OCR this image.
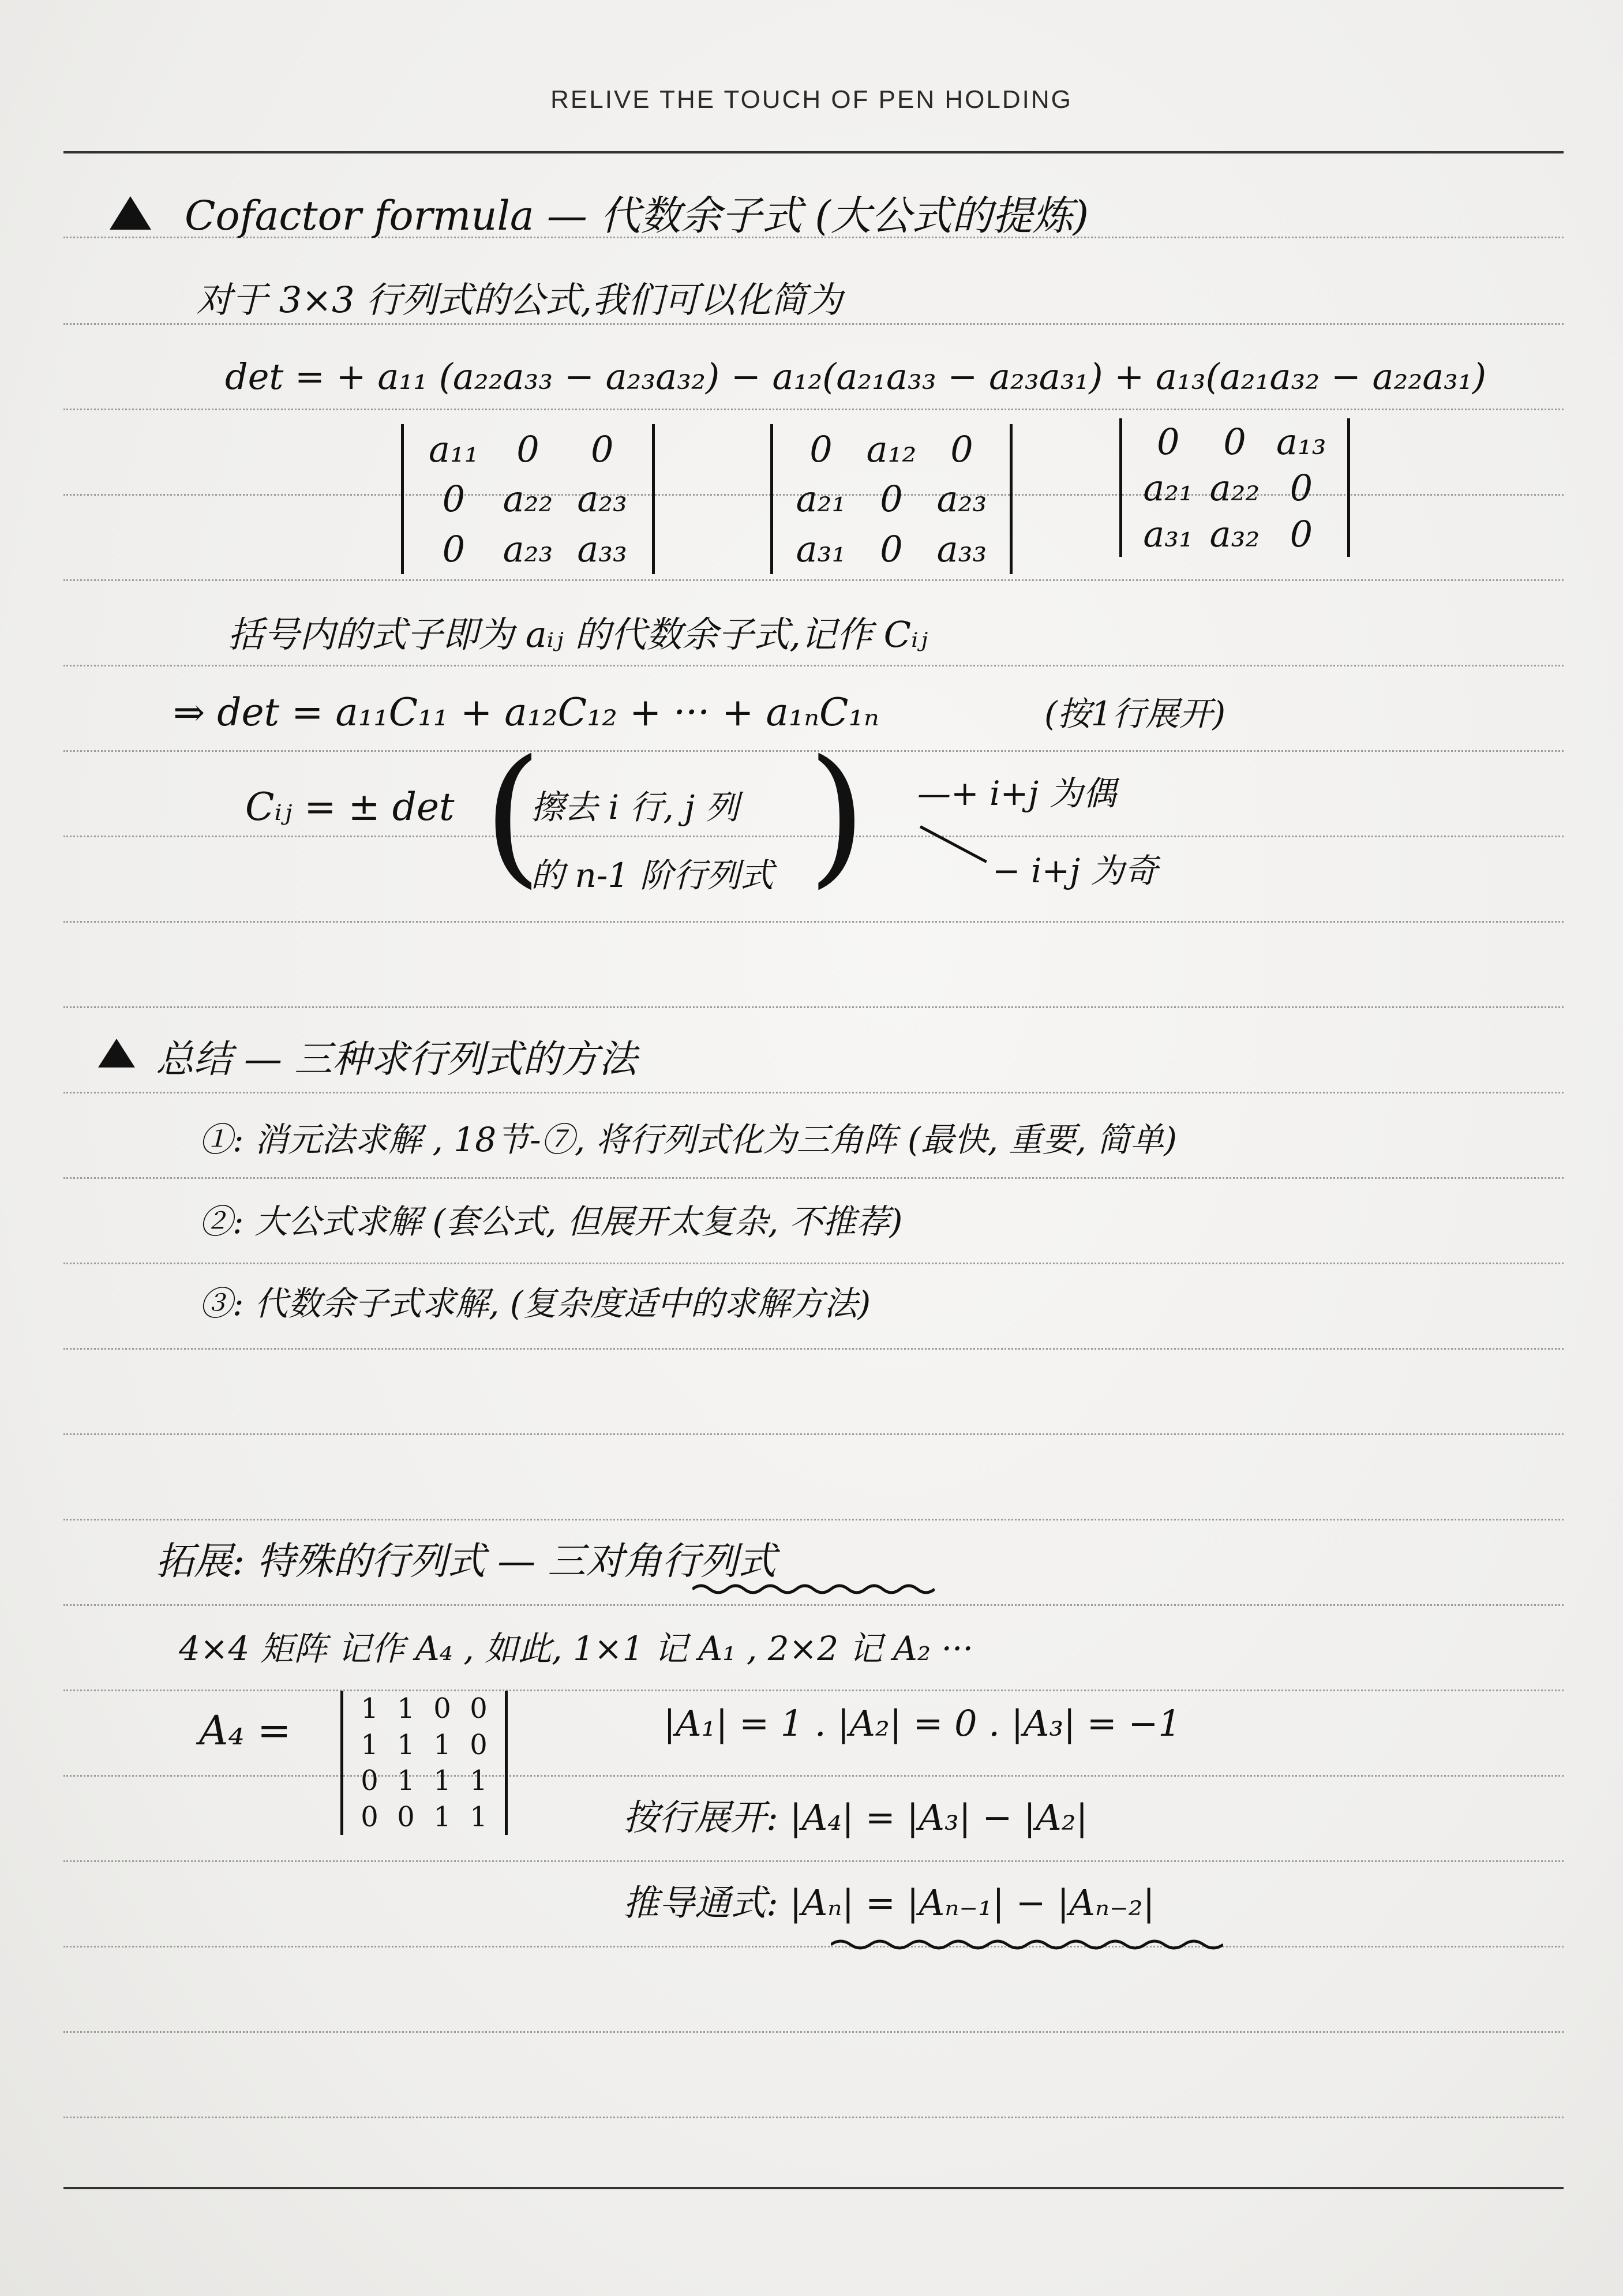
RELIVE THE TOUCH OF PEN HOLDING
Cofactor formula — 代数余子式 (大公式的提炼)
对于 3×3 行列式的公式,我们可以化简为
det = + a₁₁ (a₂₂a₃₃ − a₂₃a₃₂) − a₁₂(a₂₁a₃₃ − a₂₃a₃₁) + a₁₃(a₂₁a₃₂ − a₂₂a₃₁)
a₁₁	0	0
0	a₂₂ a₂₃
0	a₂₃ a₃₃
0 a₁₂ 0
a₂₁ 0 a₂₃
a₃₁ 0 a₃₃
0	0 a₁₃
a₂₁ a₂₂ 0
a₃₁ a₃₂ 0
括号内的式子即为 aᵢⱼ 的代数余子式,记作 Cᵢⱼ
⇒ det = a₁₁C₁₁ + a₁₂C₁₂ + ··· + a₁ₙC₁ₙ	(按1行展开)
Cᵢⱼ = ± det (
擦去 i 行, j 列
的 n-1 阶行列式 ) —+ i+j 为偶
− i+j 为奇
总结 — 三种求行列式的方法
①: 消元法求解 , 18节-⑦, 将行列式化为三角阵 (最快, 重要, 简单)
②: 大公式求解 (套公式, 但展开太复杂, 不推荐)
③: 代数余子式求解, (复杂度适中的求解方法)
拓展: 特殊的行列式 — 三对角行列式
4×4 矩阵 记作 A₄ , 如此, 1×1 记 A₁ , 2×2 记 A₂ ···
A₄ =	1 1 0 0
1 1 1 0
0 1 1 1
0 0 1 1
|A₁| = 1 . |A₂| = 0 . |A₃| = −1
按行展开: |A₄| = |A₃| − |A₂|
推导通式: |Aₙ| = |Aₙ₋₁| − |Aₙ₋₂|
